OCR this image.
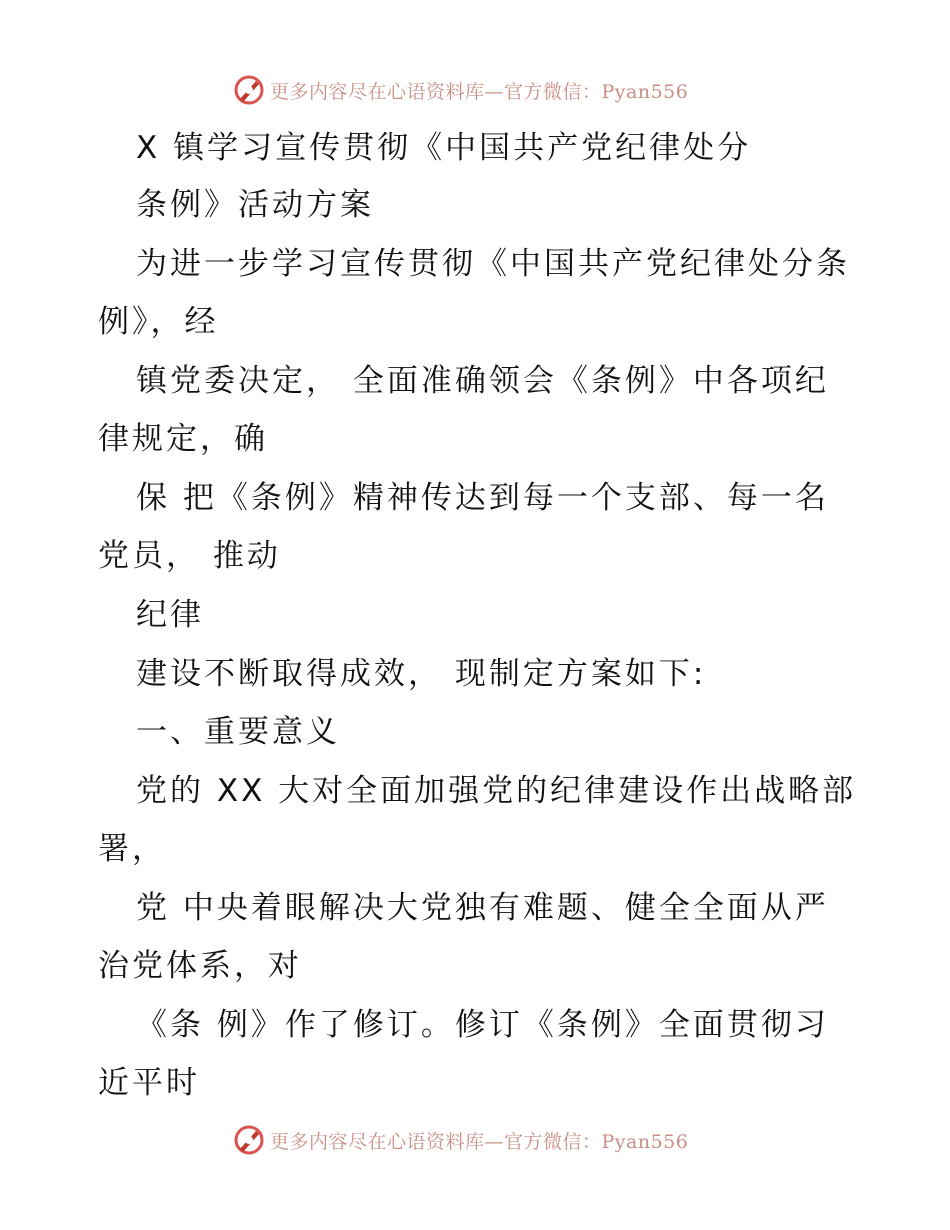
更多内容尽在心语资料库—官方微信：Pyan556
X 镇学习宣传贯彻《中国共产党纪律处分
条例》活动方案
为进一步学习宣传贯彻《中国共产党纪律处分条
例》，经
镇党委决定， 全面准确领会《条例》中各项纪
律规定，确
保 把《条例》精神传达到每一个支部、每一名
党员， 推动
纪律
建设不断取得成效， 现制定方案如下:
一、重要意义
党的 XX 大对全面加强党的纪律建设作出战略部
署，
党 中央着眼解决大党独有难题、健全全面从严
治党体系，对
《条 例》作了修订。修订《条例》全面贯彻习
近平时
更多内容尽在心语资料库—官方微信：Pyan556
